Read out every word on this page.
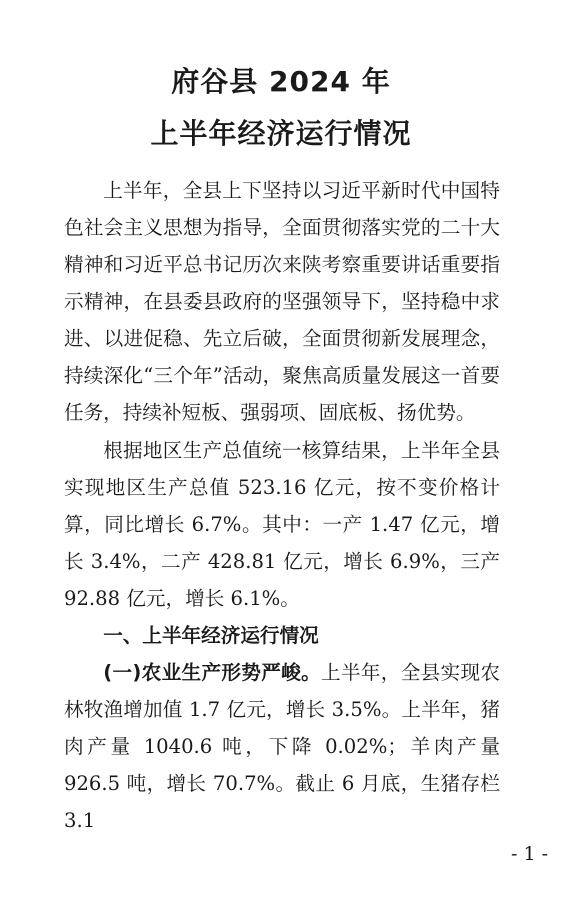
府谷县 2024 年
上半年经济运行情况

上半年，全县上下坚持以习近平新时代中国特色社会主义思想为指导，全面贯彻落实党的二十大精神和习近平总书记历次来陕考察重要讲话重要指示精神，在县委县政府的坚强领导下，坚持稳中求进、以进促稳、先立后破，全面贯彻新发展理念，持续深化“三个年”活动，聚焦高质量发展这一首要任务，持续补短板、强弱项、固底板、扬优势。

根据地区生产总值统一核算结果，上半年全县实现地区生产总值 523.16 亿元，按不变价格计算，同比增长 6.7%。其中：一产 1.47 亿元，增长 3.4%，二产 428.81 亿元，增长 6.9%，三产 92.88 亿元，增长 6.1%。

一、上半年经济运行情况

(一)农业生产形势严峻。上半年，全县实现农林牧渔增加值 1.7 亿元，增长 3.5%。上半年，猪肉产量 1040.6 吨，下降 0.02%；羊肉产量 926.5 吨，增长 70.7%。截止 6 月底，生猪存栏 3.1

- 1 -
